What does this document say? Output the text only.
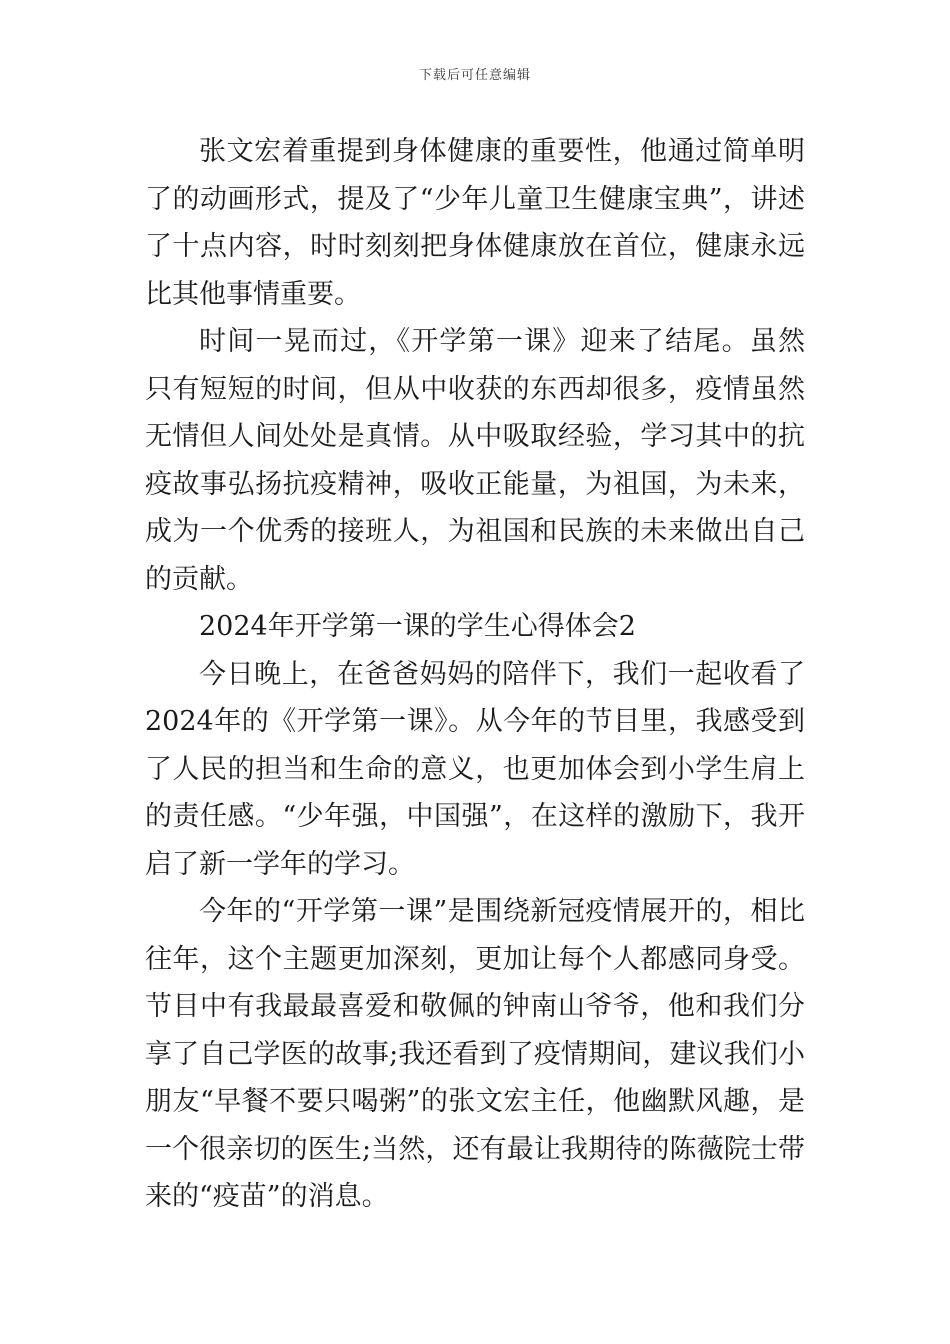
下载后可任意编辑

张文宏着重提到身体健康的重要性，他通过简单明了的动画形式，提及了“少年儿童卫生健康宝典”，讲述了十点内容，时时刻刻把身体健康放在首位，健康永远比其他事情重要。

时间一晃而过，《开学第一课》迎来了结尾。虽然只有短短的时间，但从中收获的东西却很多，疫情虽然无情但人间处处是真情。从中吸取经验，学习其中的抗疫故事弘扬抗疫精神，吸收正能量，为祖国，为未来，成为一个优秀的接班人，为祖国和民族的未来做出自己的贡献。

2024年开学第一课的学生心得体会2

今日晚上，在爸爸妈妈的陪伴下，我们一起收看了2024年的《开学第一课》。从今年的节目里，我感受到了人民的担当和生命的意义，也更加体会到小学生肩上的责任感。“少年强，中国强”，在这样的激励下，我开启了新一学年的学习。

今年的“开学第一课”是围绕新冠疫情展开的，相比往年，这个主题更加深刻，更加让每个人都感同身受。节目中有我最最喜爱和敬佩的钟南山爷爷，他和我们分享了自己学医的故事;我还看到了疫情期间，建议我们小朋友“早餐不要只喝粥”的张文宏主任，他幽默风趣，是一个很亲切的医生;当然，还有最让我期待的陈薇院士带来的“疫苗”的消息。
